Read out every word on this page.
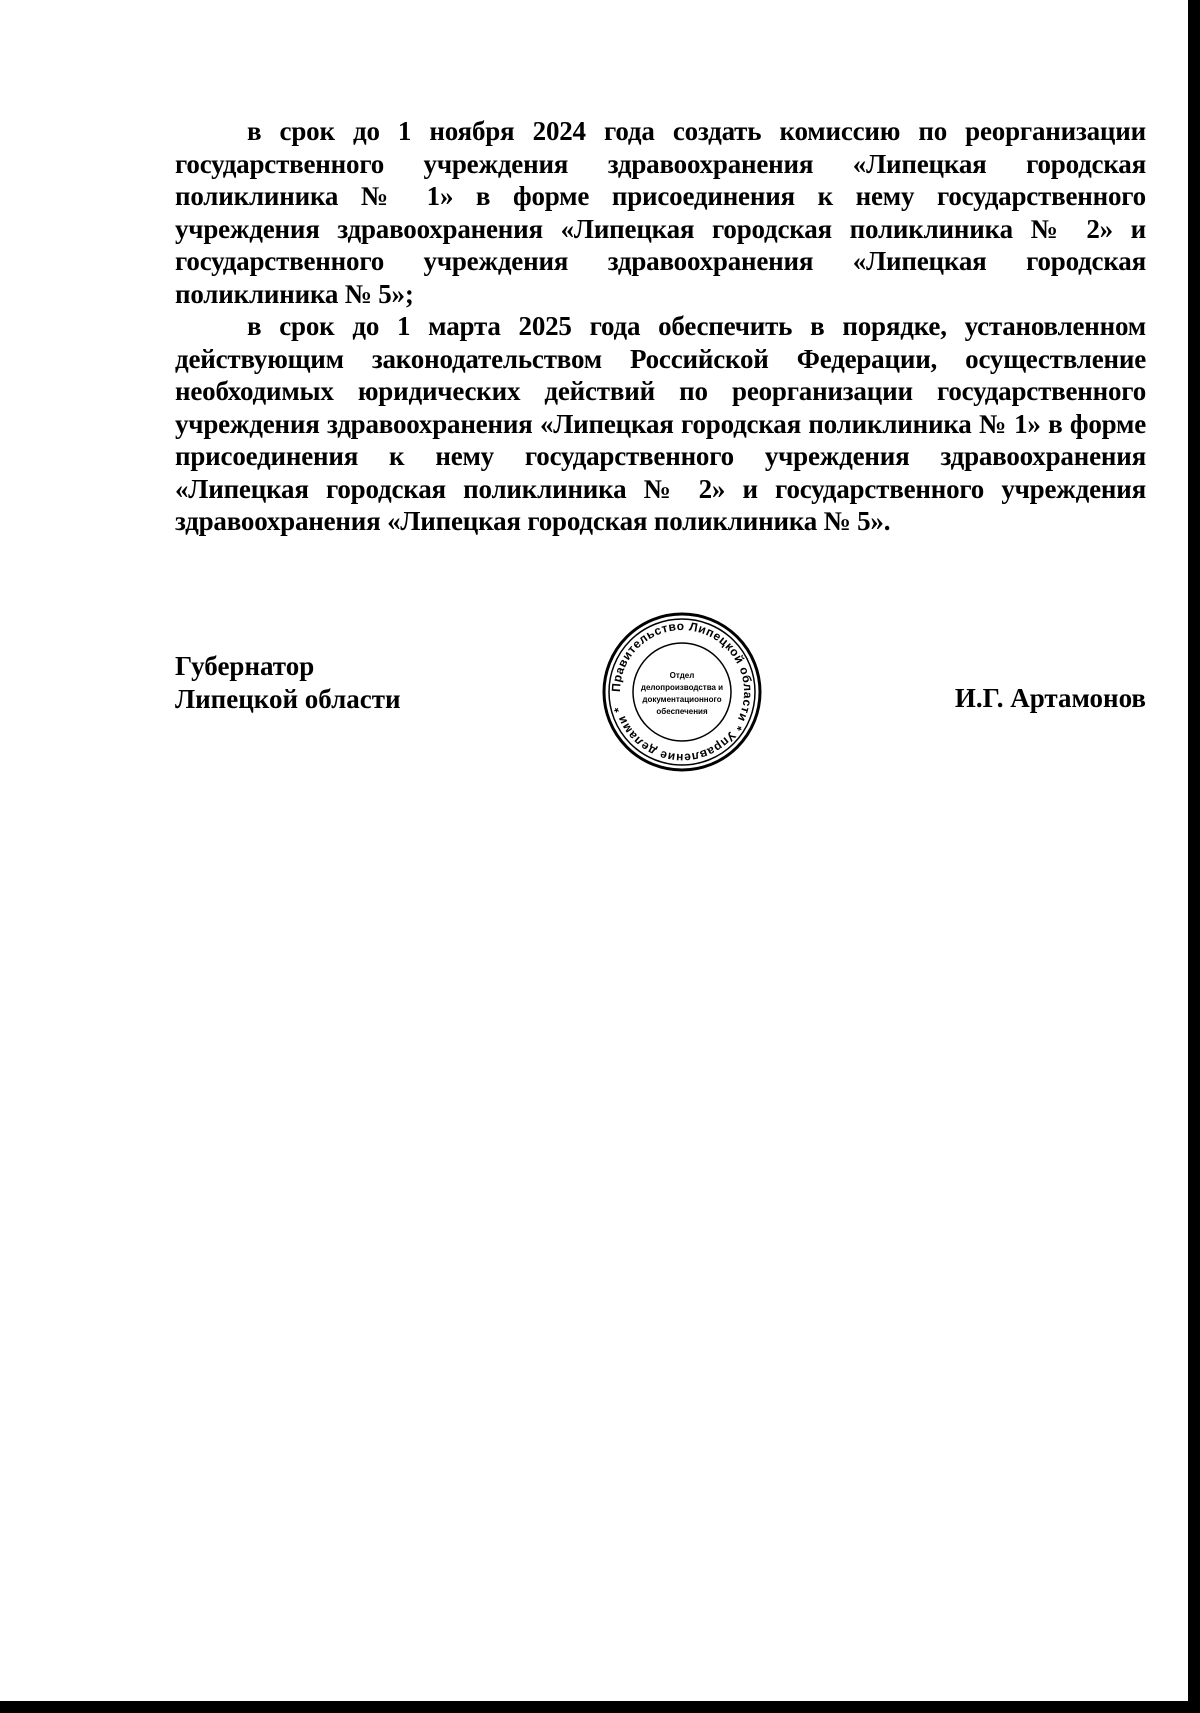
в срок до 1 ноября 2024 года создать комиссию по реорганизации государственного учреждения здравоохранения «Липецкая городская поликлиника № 1» в форме присоединения к нему государственного учреждения здравоохранения «Липецкая городская поликлиника № 2» и государственного учреждения здравоохранения «Липецкая городская поликлиника № 5»;

в срок до 1 марта 2025 года обеспечить в порядке, установленном действующим законодательством Российской Федерации, осуществление необходимых юридических действий по реорганизации государственного учреждения здравоохранения «Липецкая городская поликлиника № 1» в форме присоединения к нему государственного учреждения здравоохранения «Липецкая городская поликлиника № 2» и государственного учреждения здравоохранения «Липецкая городская поликлиника № 5».

Губернатор
Липецкой области	Правительство Липецкой области * Управление делами *
Отдел
делопроизводства и
документационного
обеспечения	И.Г. Артамонов
